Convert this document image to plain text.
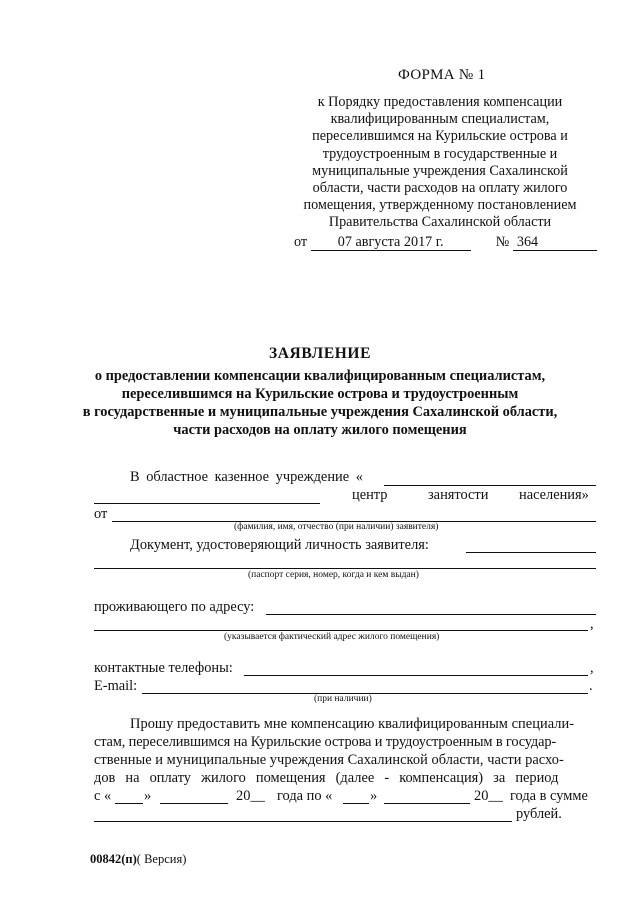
ФОРМА № 1
к Порядку предоставления компенсации
квалифицированным специалистам,
переселившимся на Курильские острова и
трудоустроенным в государственные и
муниципальные учреждения Сахалинской
области, части расходов на оплату жилого
помещения, утвержденному постановлением
Правительства Сахалинской области
от 07 августа 2017 г.	№ 364
ЗАЯВЛЕНИЕ
о предоставлении компенсации квалифицированным специалистам,
переселившимся на Курильские острова и трудоустроенным
в государственные и муниципальные учреждения Сахалинской области,
части расходов на оплату жилого помещения
В областное казенное учреждение «
центр	занятости населения»
от
(фамилия, имя, отчество (при наличии) заявителя)
Документ, удостоверяющий личность заявителя:
(паспорт серия, номер, когда и кем выдан)
проживающего по адресу:
,
(указывается фактический адрес жилого помещения)
контактные телефоны:	,
E-mail:	.
(при наличии)
Прошу предоставить мне компенсацию квалифицированным специали-
стам, переселившимся на Курильские острова и трудоустроенным в государ-
ственные и муниципальные учреждения Сахалинской области, части расхо-
дов на оплату жилого помещения (далее - компенсация) за период
с « »	20__ года по «	»	20__ года в сумме
рублей.
00842(п)( Версия)
